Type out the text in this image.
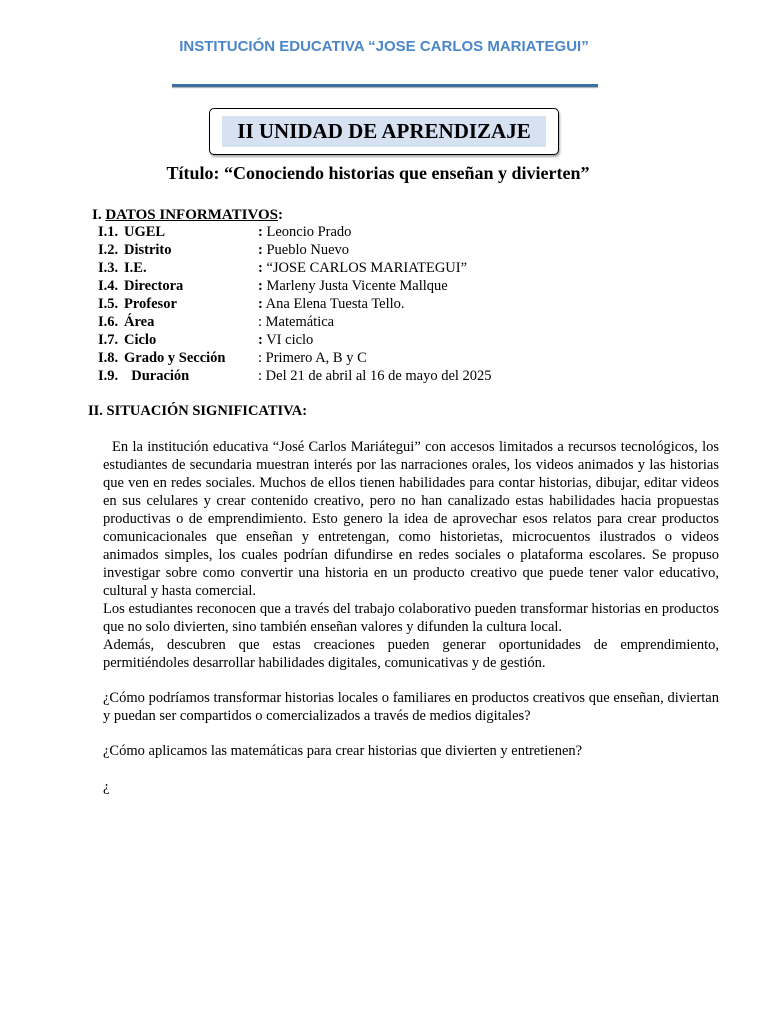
INSTITUCIÓN EDUCATIVA “JOSE CARLOS MARIATEGUI”
II UNIDAD DE APRENDIZAJE
Título: “Conociendo historias que enseñan y divierten”
I. DATOS INFORMATIVOS:
I.1. UGEL	: Leoncio Prado
I.2. Distrito	: Pueblo Nuevo
I.3. I.E.	: “JOSE CARLOS MARIATEGUI”
I.4. Directora	: Marleny Justa Vicente Mallque
I.5. Profesor	: Ana Elena Tuesta Tello.
I.6. Área	: Matemática
I.7. Ciclo	: VI ciclo
I.8. Grado y Sección : Primero A, B y C
I.9. Duración	: Del 21 de abril al 16 de mayo del 2025
II. SITUACIÓN SIGNIFICATIVA:
En la institución educativa “José Carlos Mariátegui” con accesos limitados a recursos tecnológicos, los estudiantes de secundaria muestran interés por las narraciones orales, los videos animados y las historias que ven en redes sociales. Muchos de ellos tienen habilidades para contar historias, dibujar, editar videos en sus celulares y crear contenido creativo, pero no han canalizado estas habilidades hacia propuestas productivas o de emprendimiento. Esto genero la idea de aprovechar esos relatos para crear productos comunicacionales que enseñan y entretengan, como historietas, microcuentos ilustrados o videos animados simples, los cuales podrían difundirse en redes sociales o plataforma escolares. Se propuso investigar sobre como convertir una historia en un producto creativo que puede tener valor educativo, cultural y hasta comercial.
Los estudiantes reconocen que a través del trabajo colaborativo pueden transformar historias en productos que no solo divierten, sino también enseñan valores y difunden la cultura local.
Además, descubren que estas creaciones pueden generar oportunidades de emprendimiento, permitiéndoles desarrollar habilidades digitales, comunicativas y de gestión.
¿Cómo podríamos transformar historias locales o familiares en productos creativos que enseñan, diviertan y puedan ser compartidos o comercializados a través de medios digitales?
¿Cómo aplicamos las matemáticas para crear historias que divierten y entretienen?
¿
